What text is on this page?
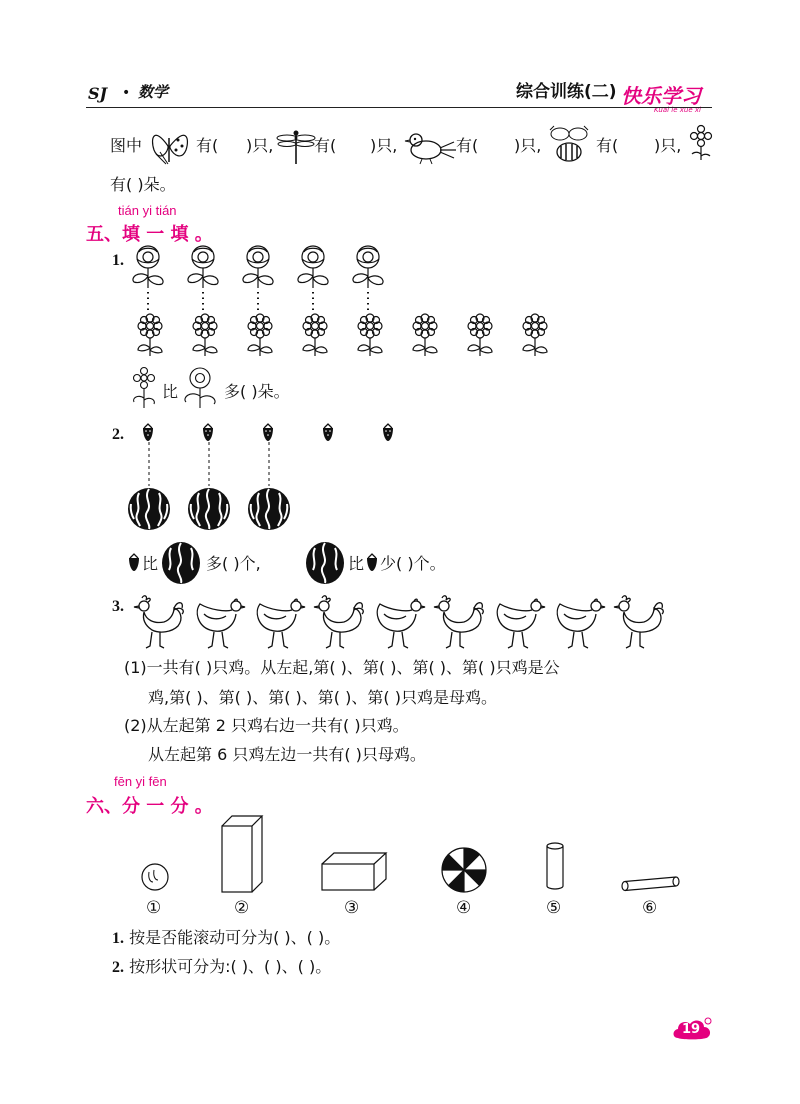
SJ • 数学	综合训练(二) 快乐学习
Kuai le xue xi
图中	有( )只,	有( )只,	有( )只,	有( )只,
有( )朵。
tián yi tián
五、填 一 填 。
1.
比	多( )朵。
2.
比	多( )个,	比 少( )个。
3.
(1)一共有( )只鸡。从左起,第( )、第( )、第( )、第( )只鸡是公
鸡,第( )、第( )、第( )、第( )、第( )只鸡是母鸡。
(2)从左起第 2 只鸡右边一共有( )只鸡。
从左起第 6 只鸡左边一共有( )只母鸡。
fēn yi fēn
六、分 一 分 。
①	②	③	④	⑤	⑥
1. 按是否能滚动可分为( )、( )。
2. 按形状可分为:( )、( )、( )。
19
